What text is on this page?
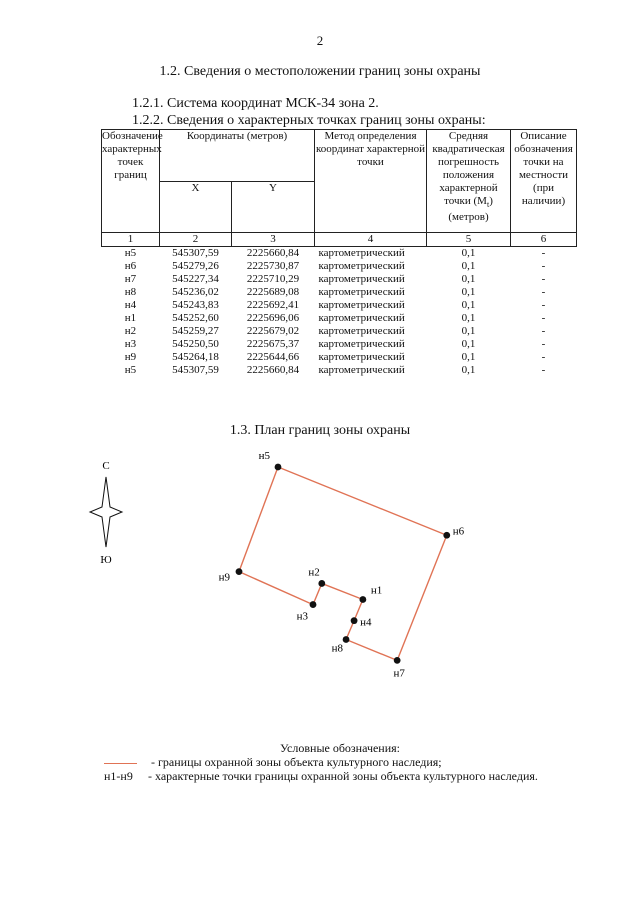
2
1.2. Сведения о местоположении границ зоны охраны
1.2.1. Система координат МСК-34 зона 2.
1.2.2. Сведения о характерных точках границ зоны охраны:
Обозначение характерных точек границ	Координаты (метров)		Метод определения координат характерной точки	Средняя квадратическая погрешность положения характерной точки $(M_t)$ (метров)	Описание обозначения точки на местности (при наличии)
	X	Y			
1	2	3	4	5	6
н5	545307,59	2225660,84	картометрический	0,1	-
н6	545279,26	2225730,87	картометрический	0,1	-
н7	545227,34	2225710,29	картометрический	0,1	-
н8	545236,02	2225689,08	картометрический	0,1	-
н4	545243,83	2225692,41	картометрический	0,1	-
н1	545252,60	2225696,06	картометрический	0,1	-
н2	545259,27	2225679,02	картометрический	0,1	-
н3	545250,50	2225675,37	картометрический	0,1	-
н9	545264,18	2225644,66	картометрический	0,1	-
н5	545307,59	2225660,84	картометрический	0,1	-
1.3. План границ зоны охраны
С
Ю
н5
н6
н7
н8
н4
н1
н2
н3
н9
Условные обозначения:
- границы охранной зоны объекта культурного наследия;
н1-н9 - характерные точки границы охранной зоны объекта культурного наследия.
